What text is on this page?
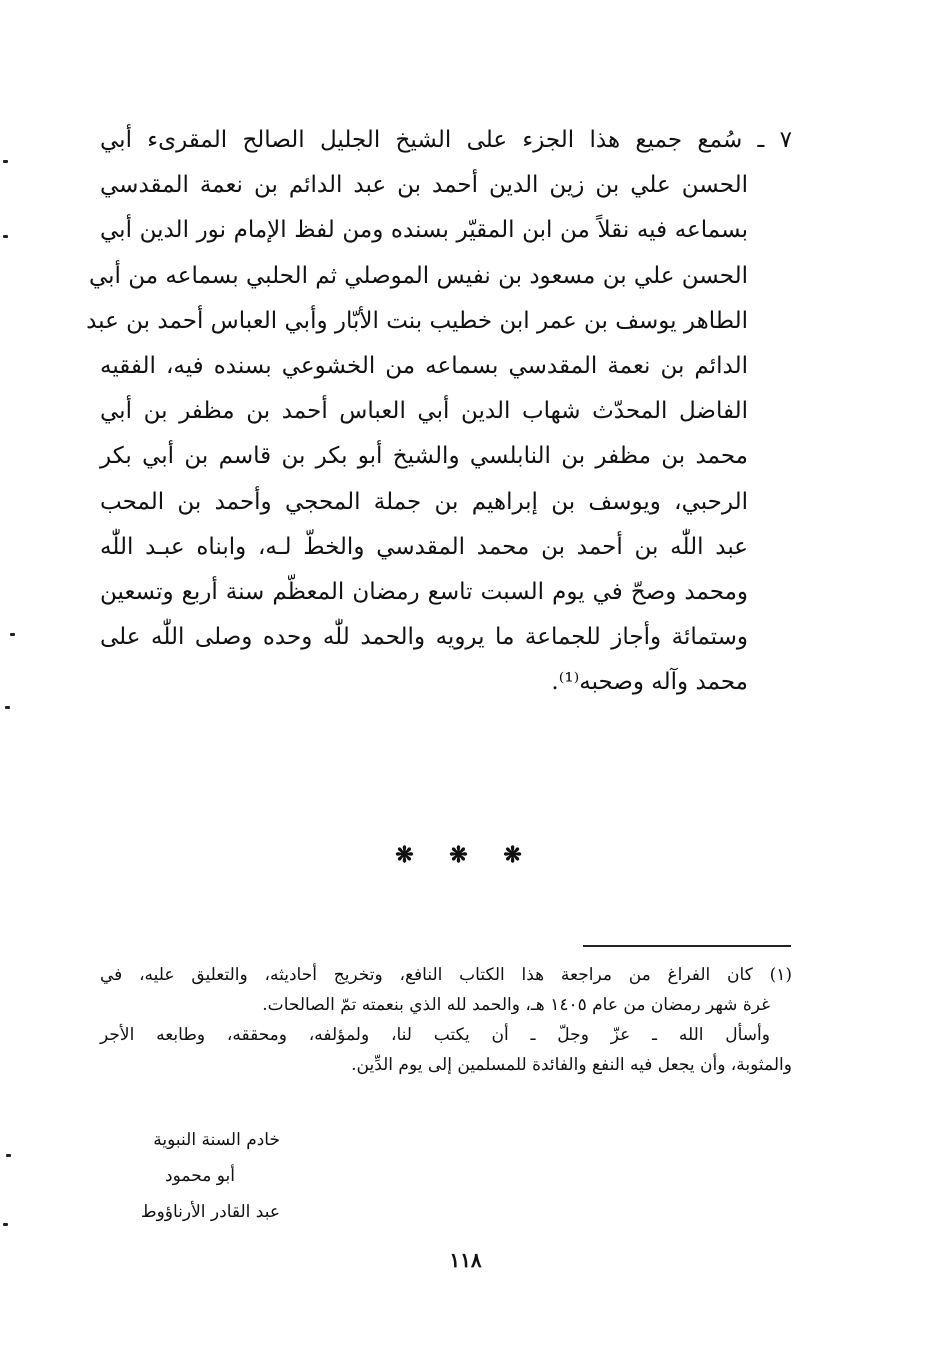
٧ ـ سُمع جميع هذا الجزء على الشيخ الجليل الصالح المقرىء أبي
الحسن علي بن زين الدين أحمد بن عبد الدائم بن نعمة المقدسي
بسماعه فيه نقلاً من ابن المقيّر بسنده ومن لفظ الإمام نور الدين أبي
الحسن علي بن مسعود بن نفيس الموصلي ثم الحلبي بسماعه من أبي
الطاهر يوسف بن عمر ابن خطيب بنت الأبّار وأبي العباس أحمد بن عبد
الدائم بن نعمة المقدسي بسماعه من الخشوعي بسنده فيه، الفقيه
الفاضل المحدّث شهاب الدين أبي العباس أحمد بن مظفر بن أبي
محمد بن مظفر بن النابلسي والشيخ أبو بكر بن قاسم بن أبي بكر
الرحبي، ويوسف بن إبراهيم بن جملة المحجي وأحمد بن المحب
عبد اللّٰه بن أحمد بن محمد المقدسي والخطّ لـه، وابناه عبـد اللّٰه
ومحمد وصحّ في يوم السبت تاسع رمضان المعظّم سنة أربع وتسعين
وستمائة وأجاز للجماعة ما يرويه والحمد للّٰه وحده وصلى اللّٰه على
محمد وآله وصحبه⁽¹⁾.
❋ ❋ ❋
(١) كان الفراغ من مراجعة هذا الكتاب النافع، وتخريج أحاديثه، والتعليق عليه، في
غرة شهر رمضان من عام ١٤٠٥ هـ، والحمد لله الذي بنعمته تمّ الصالحات.
وأسأل الله ـ عزّ وجلّ ـ أن يكتب لنا، ولمؤلفه، ومحققه، وطابعه الأجر
والمثوبة، وأن يجعل فيه النفع والفائدة للمسلمين إلى يوم الدِّين.
خادم السنة النبوية
أبو محمود
عبد القادر الأرناؤوط
١١٨
